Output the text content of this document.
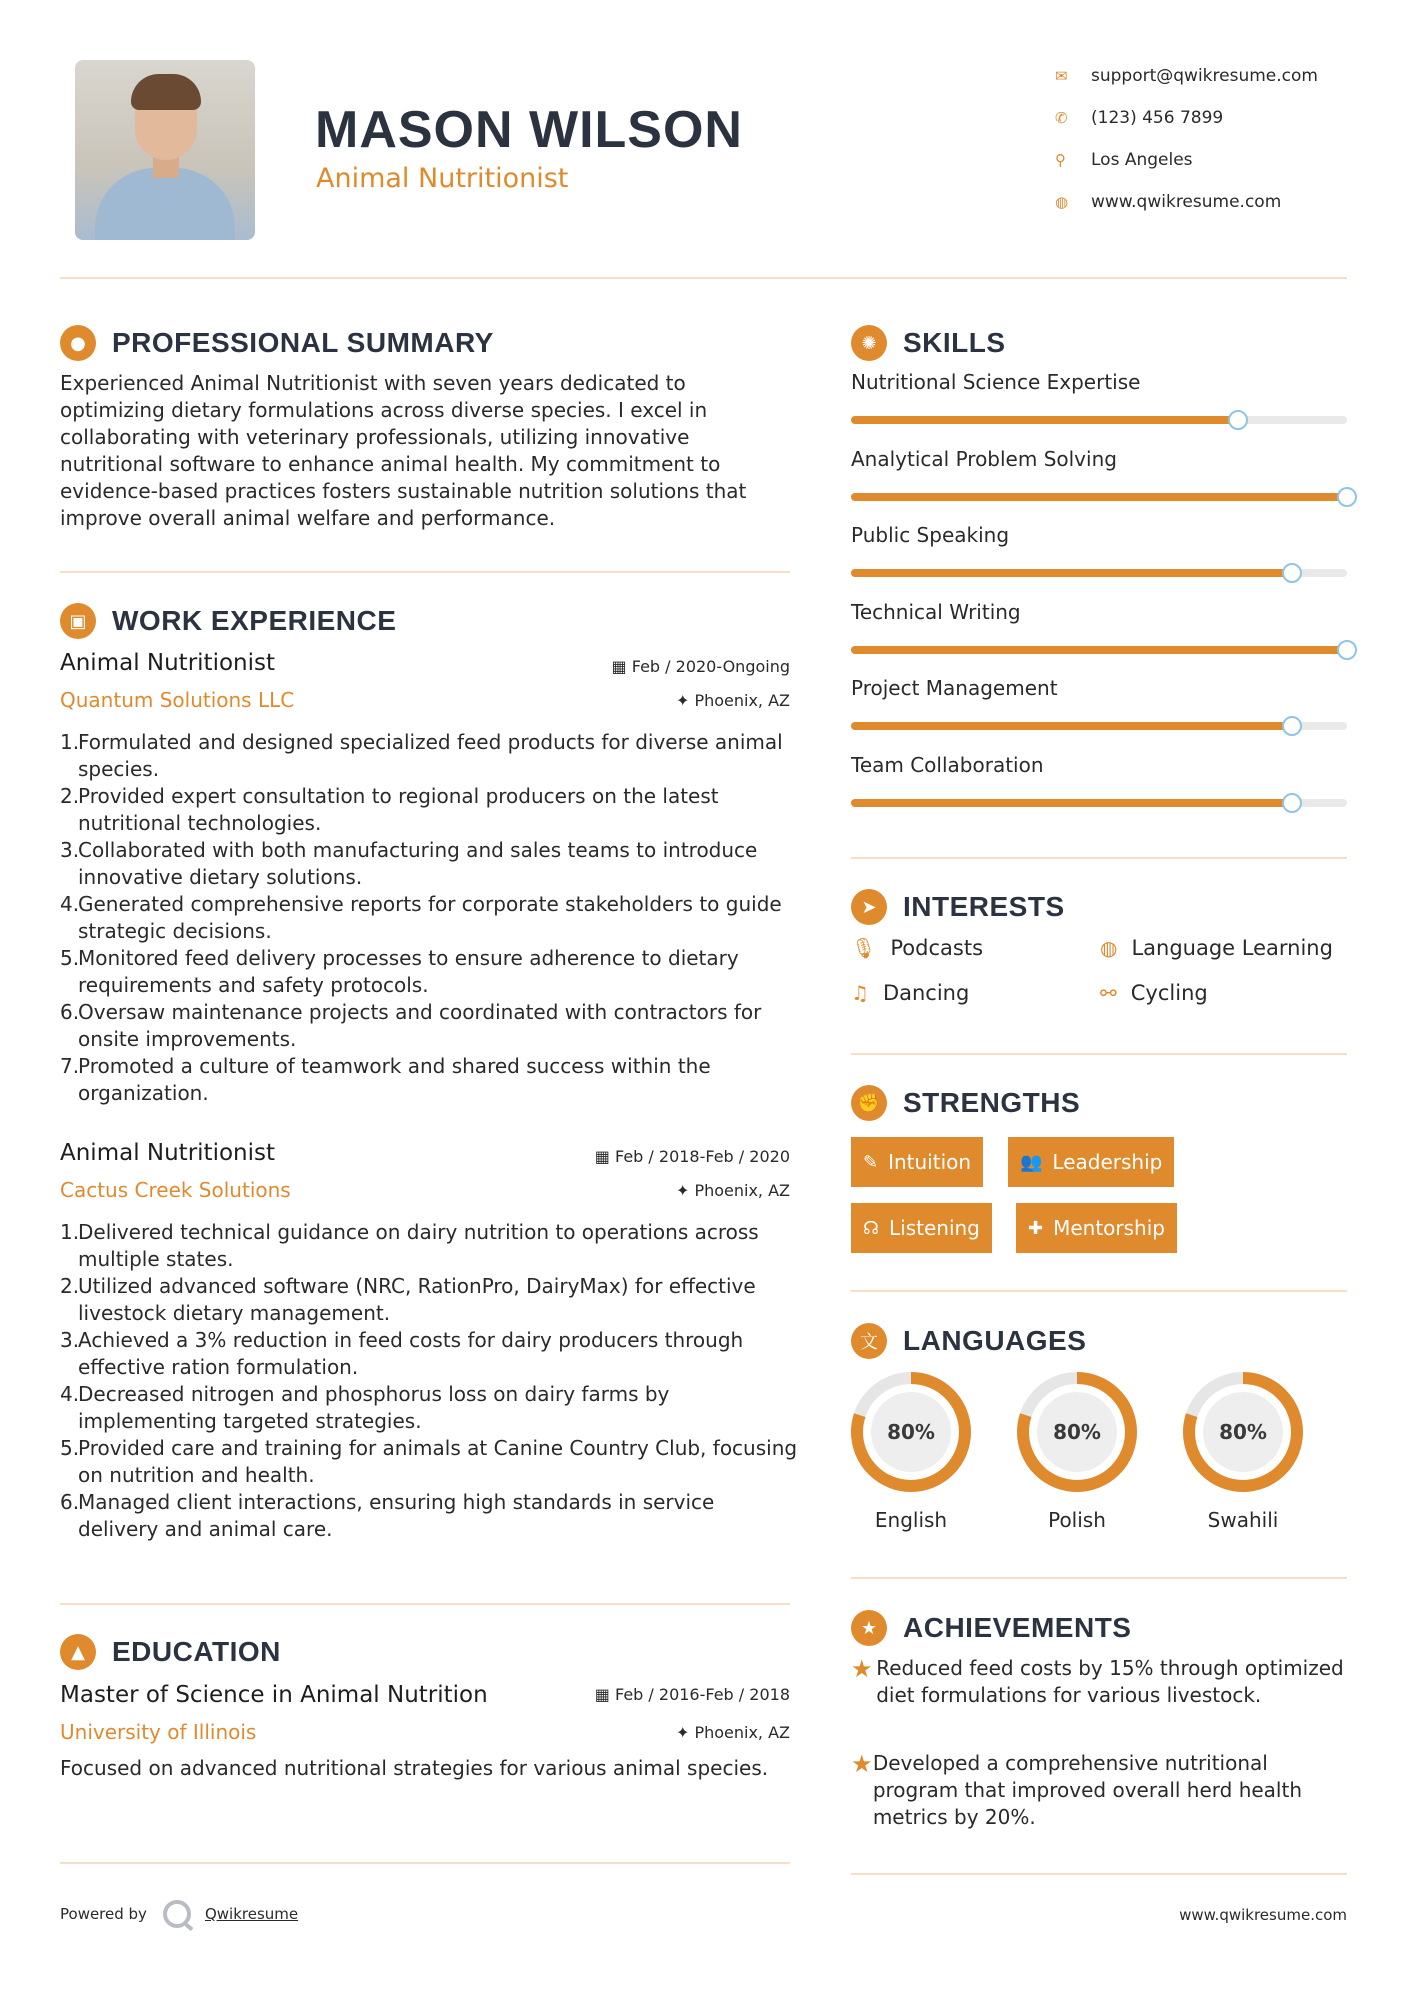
MASON WILSON
Animal Nutritionist
✉	support@qwikresume.com
✆	(123) 456 7899
⚲	Los Angeles
◍	www.qwikresume.com
● PROFESSIONAL SUMMARY
Experienced Animal Nutritionist with seven years dedicated to optimizing dietary formulations across diverse species. I excel in collaborating with veterinary professionals, utilizing innovative nutritional software to enhance animal health. My commitment to evidence-based practices fosters sustainable nutrition solutions that improve overall animal welfare and performance.
▣ WORK EXPERIENCE
Animal Nutritionist	▦ Feb / 2020-Ongoing
Quantum Solutions LLC	✦ Phoenix, AZ
1.
Formulated and designed specialized feed products for diverse animal species.
2.
Provided expert consultation to regional producers on the latest nutritional technologies.
3.
Collaborated with both manufacturing and sales teams to introduce innovative dietary solutions.
4.
Generated comprehensive reports for corporate stakeholders to guide strategic decisions.
5.
Monitored feed delivery processes to ensure adherence to dietary requirements and safety protocols.
6.
Oversaw maintenance projects and coordinated with contractors for onsite improvements.
7.
Promoted a culture of teamwork and shared success within the organization.
Animal Nutritionist	▦ Feb / 2018-Feb / 2020
Cactus Creek Solutions	✦ Phoenix, AZ
1.
Delivered technical guidance on dairy nutrition to operations across multiple states.
2.
Utilized advanced software (NRC, RationPro, DairyMax) for effective livestock dietary management.
3.
Achieved a 3% reduction in feed costs for dairy producers through effective ration formulation.
4.
Decreased nitrogen and phosphorus loss on dairy farms by implementing targeted strategies.
5.
Provided care and training for animals at Canine Country Club, focusing on nutrition and health.
6.
Managed client interactions, ensuring high standards in service delivery and animal care.
▲ EDUCATION
Master of Science in Animal Nutrition	▦ Feb / 2016-Feb / 2018
University of Illinois	✦ Phoenix, AZ
Focused on advanced nutritional strategies for various animal species.
✺ SKILLS
Nutritional Science Expertise
Analytical Problem Solving
Public Speaking
Technical Writing
Project Management
Team Collaboration
➤ INTERESTS
🎙 Podcasts	◍ Language Learning
♫ Dancing	⚯ Cycling
✊ STRENGTHS
✎ Intuition	👥 Leadership
☊ Listening	✚ Mentorship
文 LANGUAGES
80%
English
80%
Polish
80%
Swahili
★ ACHIEVEMENTS
★ Reduced feed costs by 15% through optimized diet formulations for various livestock.
★ Developed a comprehensive nutritional program that improved overall herd health metrics by 20%.
Powered by	Qwikresume	www.qwikresume.com
